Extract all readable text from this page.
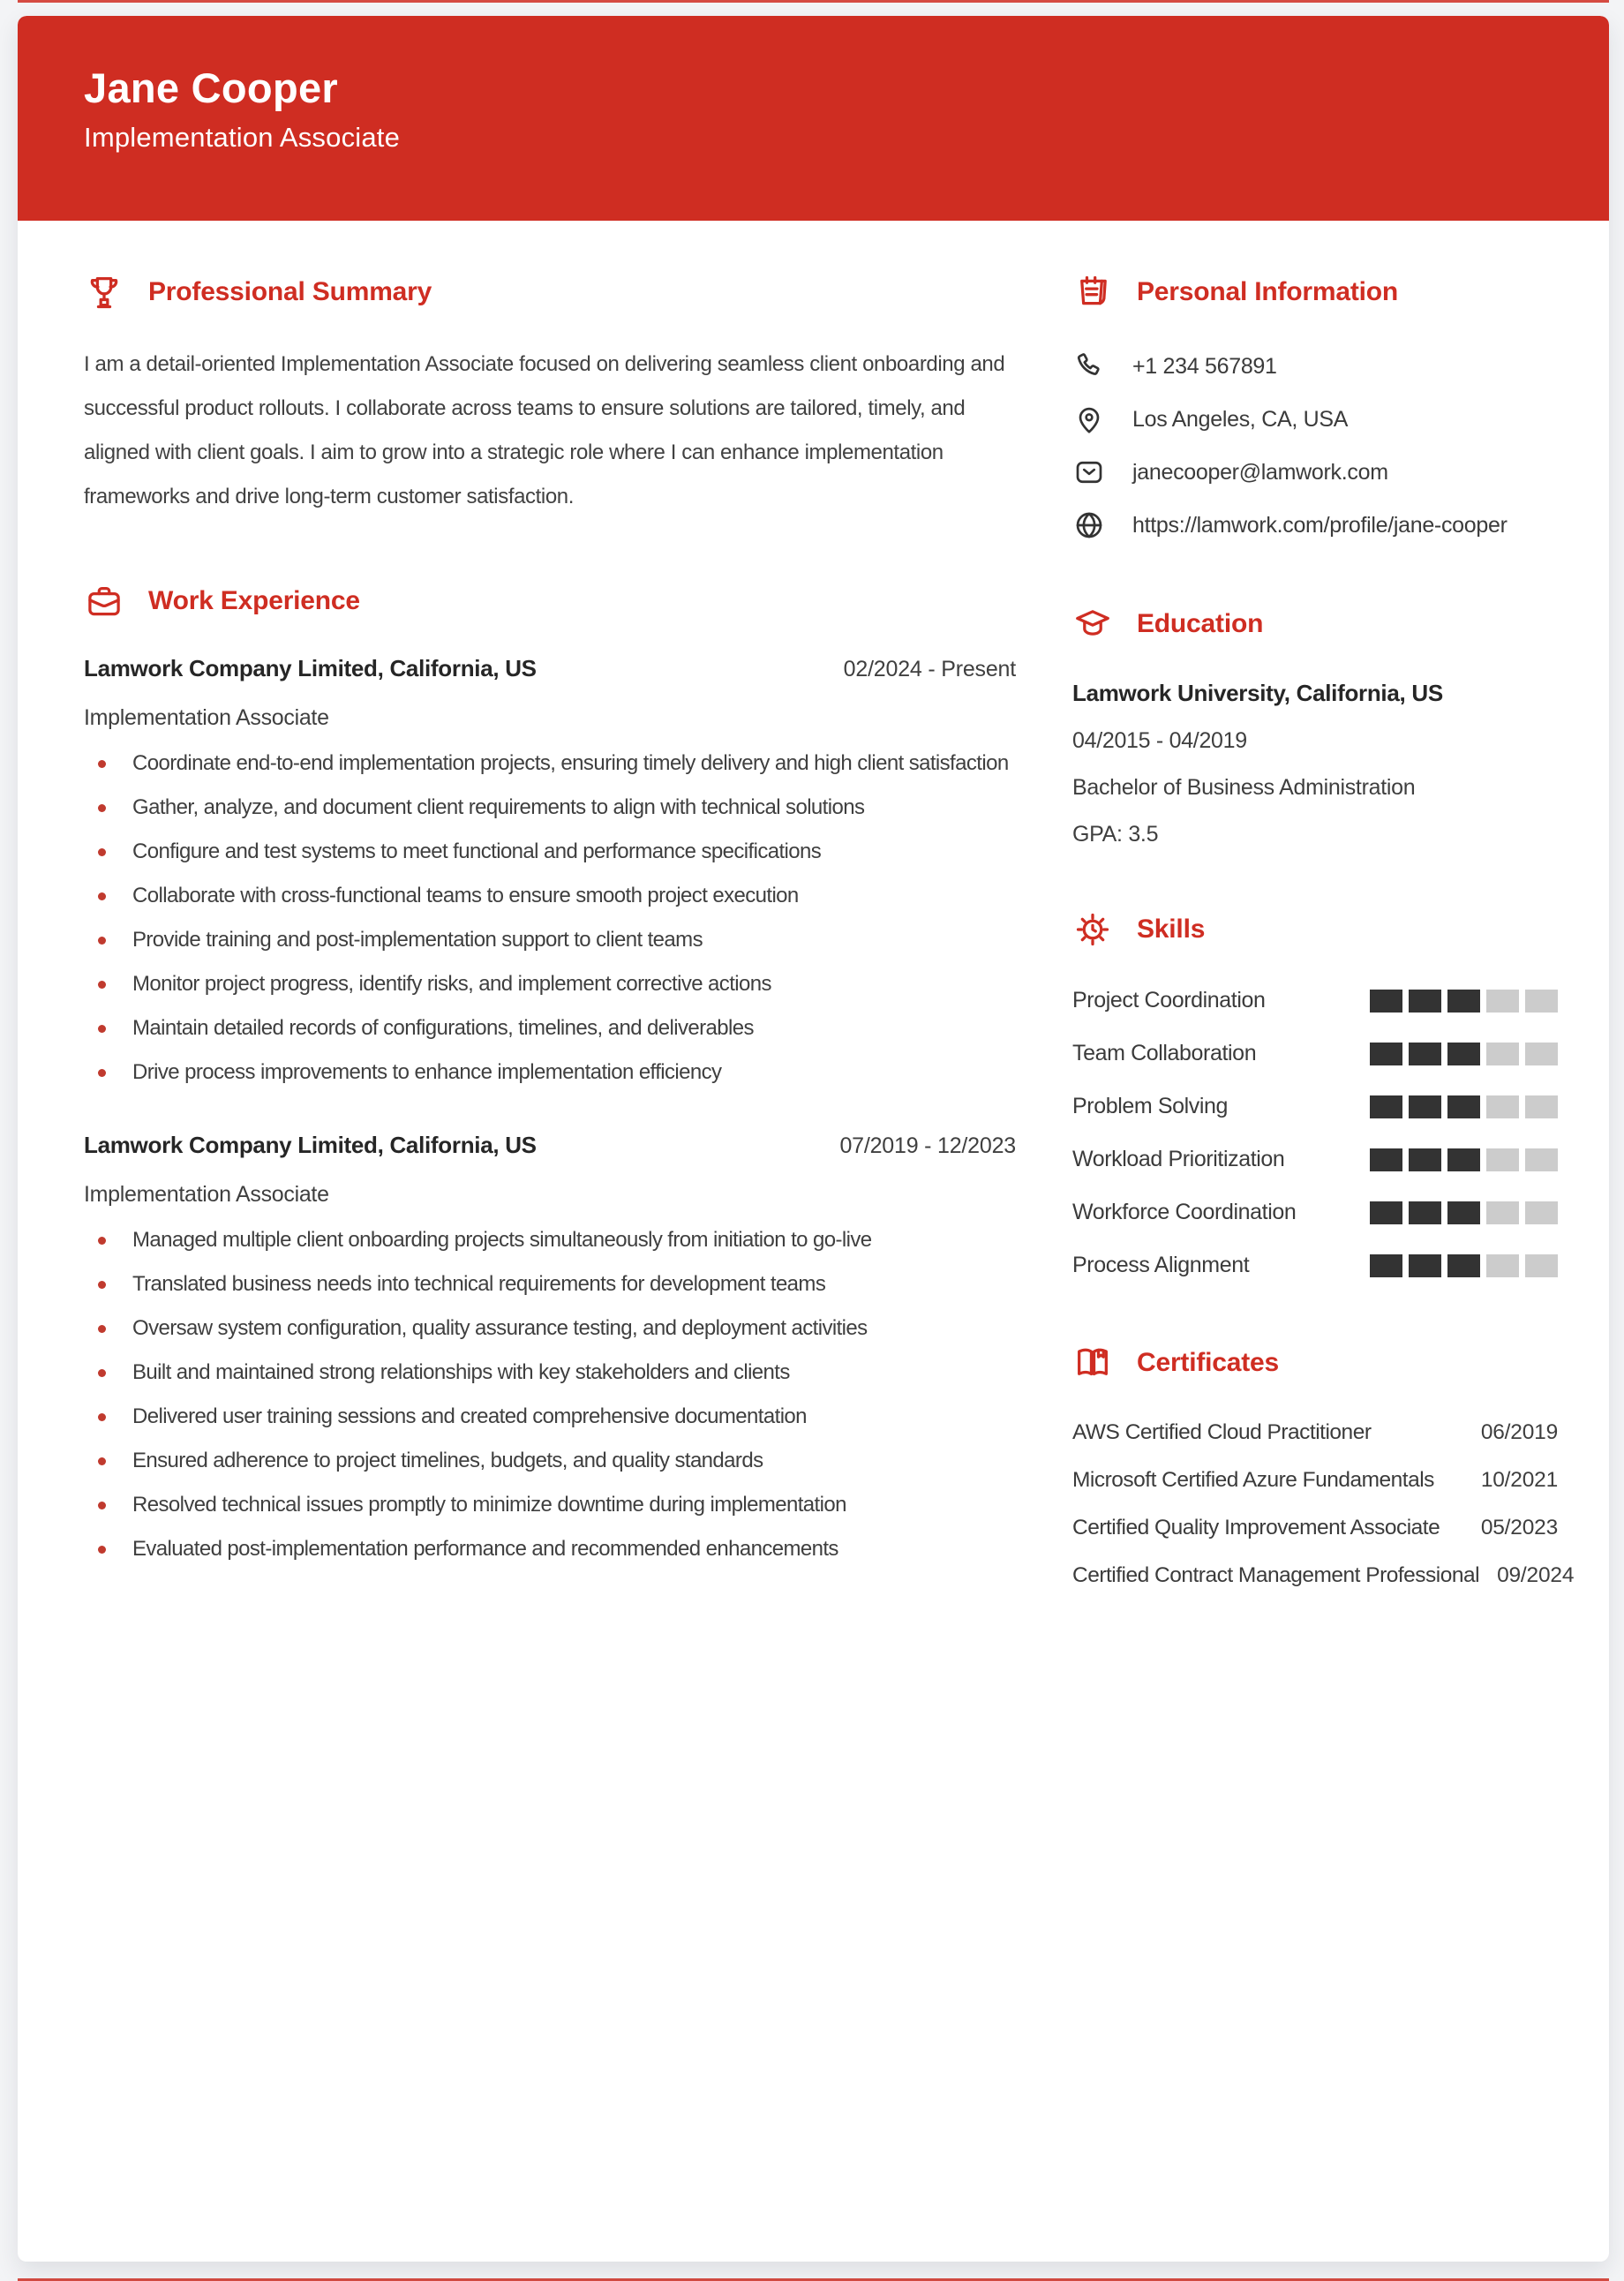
Jane Cooper
Implementation Associate
Professional Summary

I am a detail-oriented Implementation Associate focused on delivering seamless client onboarding and successful product rollouts. I collaborate across teams to ensure solutions are tailored, timely, and aligned with client goals. I aim to grow into a strategic role where I can enhance implementation frameworks and drive long-term customer satisfaction.

Work Experience
Lamwork Company Limited, California, US	02/2024 - Present
Implementation Associate
Coordinate end-to-end implementation projects, ensuring timely delivery and high client satisfaction
Gather, analyze, and document client requirements to align with technical solutions
Configure and test systems to meet functional and performance specifications
Collaborate with cross-functional teams to ensure smooth project execution
Provide training and post-implementation support to client teams
Monitor project progress, identify risks, and implement corrective actions
Maintain detailed records of configurations, timelines, and deliverables
Drive process improvements to enhance implementation efficiency
Lamwork Company Limited, California, US	07/2019 - 12/2023
Implementation Associate
Managed multiple client onboarding projects simultaneously from initiation to go-live
Translated business needs into technical requirements for development teams
Oversaw system configuration, quality assurance testing, and deployment activities
Built and maintained strong relationships with key stakeholders and clients
Delivered user training sessions and created comprehensive documentation
Ensured adherence to project timelines, budgets, and quality standards
Resolved technical issues promptly to minimize downtime during implementation
Evaluated post-implementation performance and recommended enhancements
Personal Information
+1 234 567891
Los Angeles, CA, USA
janecooper@lamwork.com
https://lamwork.com/profile/jane-cooper
Education
Lamwork University, California, US
04/2015 - 04/2019
Bachelor of Business Administration
GPA: 3.5
Skills
Project Coordination
Team Collaboration
Problem Solving
Workload Prioritization
Workforce Coordination
Process Alignment
Certificates
AWS Certified Cloud Practitioner	06/2019
Microsoft Certified Azure Fundamentals	10/2021
Certified Quality Improvement Associate	05/2023
Certified Contract Management Professional 09/2024
